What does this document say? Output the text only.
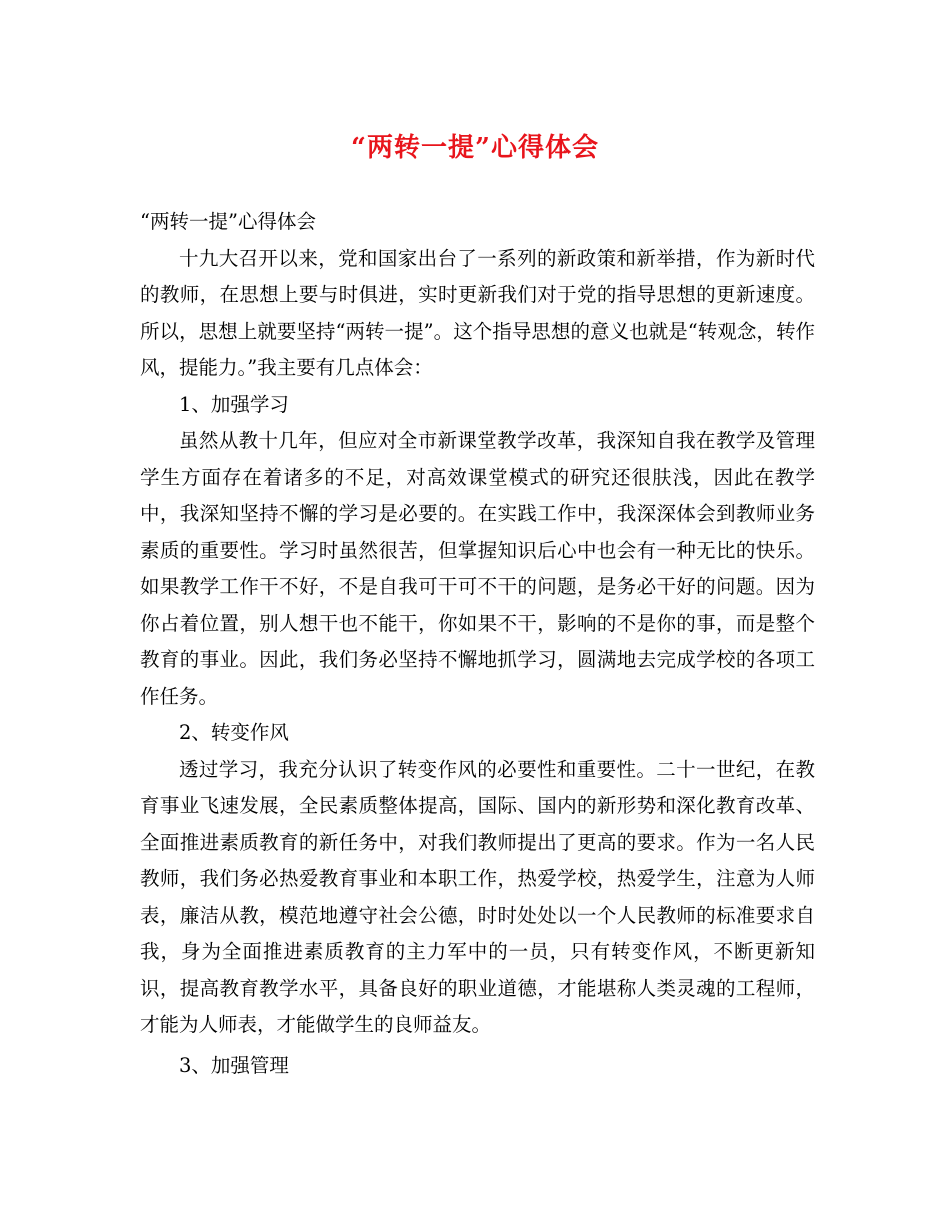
“两转一提”心得体会

“两转一提”心得体会

十九大召开以来，党和国家出台了一系列的新政策和新举措，作为新时代的教师，在思想上要与时俱进，实时更新我们对于党的指导思想的更新速度。所以，思想上就要坚持“两转一提”。这个指导思想的意义也就是“转观念，转作风，提能力。”我主要有几点体会：

1、加强学习

虽然从教十几年，但应对全市新课堂教学改革，我深知自我在教学及管理学生方面存在着诸多的不足，对高效课堂模式的研究还很肤浅，因此在教学中，我深知坚持不懈的学习是必要的。在实践工作中，我深深体会到教师业务素质的重要性。学习时虽然很苦，但掌握知识后心中也会有一种无比的快乐。如果教学工作干不好，不是自我可干可不干的问题，是务必干好的问题。因为你占着位置，别人想干也不能干，你如果不干，影响的不是你的事，而是整个教育的事业。因此，我们务必坚持不懈地抓学习，圆满地去完成学校的各项工作任务。

2、转变作风

透过学习，我充分认识了转变作风的必要性和重要性。二十一世纪，在教育事业飞速发展，全民素质整体提高，国际、国内的新形势和深化教育改革、全面推进素质教育的新任务中，对我们教师提出了更高的要求。作为一名人民教师，我们务必热爱教育事业和本职工作，热爱学校，热爱学生，注意为人师表，廉洁从教，模范地遵守社会公德，时时处处以一个人民教师的标准要求自我，身为全面推进素质教育的主力军中的一员，只有转变作风，不断更新知识，提高教育教学水平，具备良好的职业道德，才能堪称人类灵魂的工程师，才能为人师表，才能做学生的良师益友。

3、加强管理
